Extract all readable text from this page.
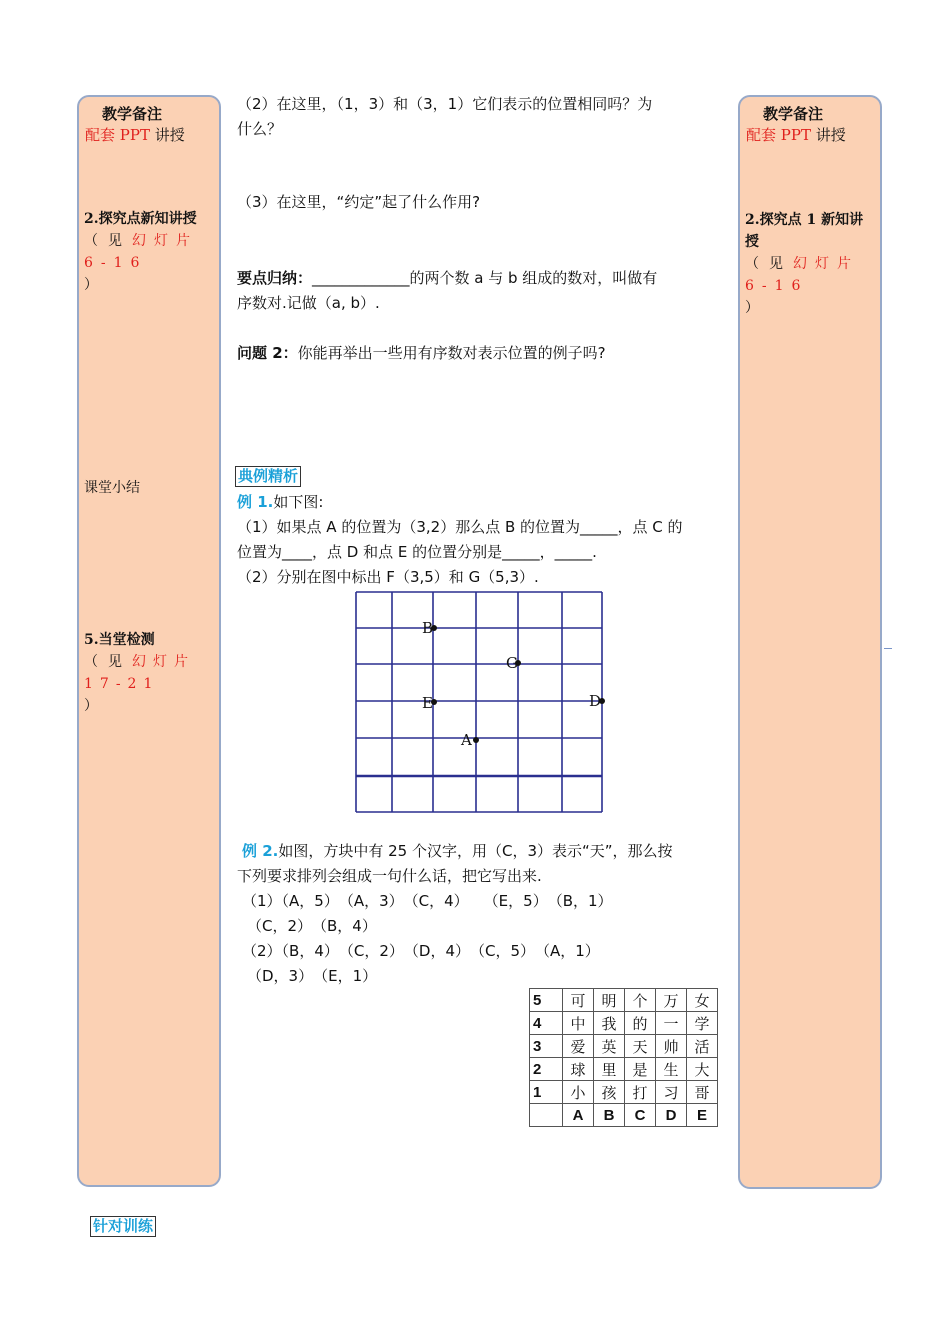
教学备注
配套 PPT 讲授
2.探究点新知讲授
（见幻灯片6-16
）
课堂小结
5.当堂检测
（见幻灯片17-21
）
教学备注
配套 PPT 讲授
2.探究点 1 新知讲授
（见幻灯片6-16
）
（2）在这里，（1，3）和（3，1）它们表示的位置相同吗？为
什么？
（3）在这里，“约定”起了什么作用?
要点归纳：_____________的两个数 a 与 b 组成的数对，叫做有
序数对.记做（a, b）.
问题 2：你能再举出一些用有序数对表示位置的例子吗?
典例精析
例 1.如下图:
（1）如果点 A 的位置为（3,2）那么点 B 的位置为_____，点 C 的
位置为____，点 D 和点 E 的位置分别是_____，_____.
（2）分别在图中标出 F（3,5）和 G（5,3）.
B
G
E	D
A
例 2.如图，方块中有 25 个汉字，用（C，3）表示“天”，那么按
下列要求排列会组成一句什么话，把它写出来.
（1）（A，5）　（A，3）　（C，4）　　（E，5）　（B，1）
（C，2）　（B，4）
（2）（B，4）　（C，2）　（D，4）　（C，5）　（A，1）
（D，3）　（E，1）
5	可	明	个	万	女
4	中	我	的	一	学
3	爱	英	天	帅	活
2	球	里	是	生	大
1	小	孩	打	习	哥
	A	B	C	D	E
针对训练
